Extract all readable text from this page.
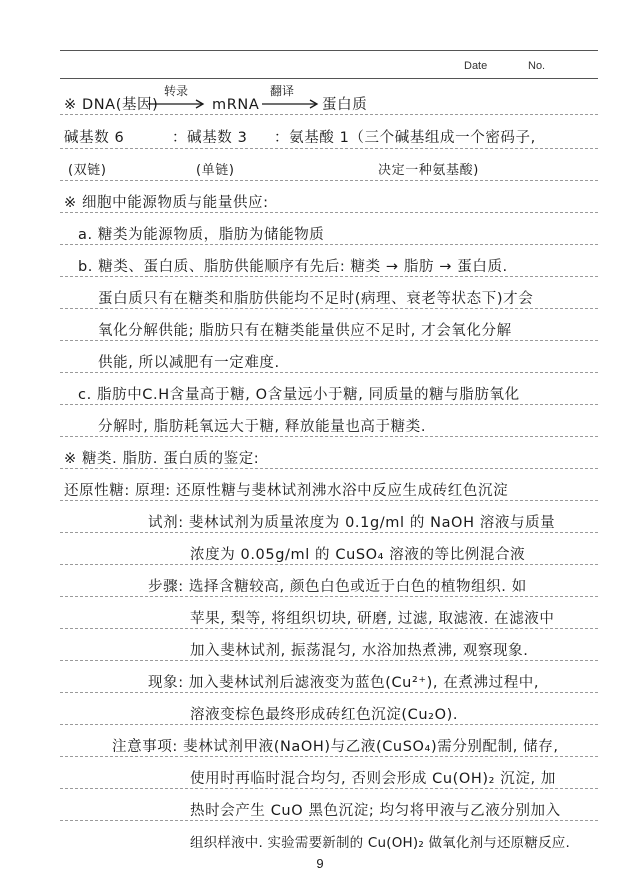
Date	No.
※ DNA(基因)
转录
mRNA
翻译
蛋白质
碱基数 6	：碱基数 3 ：氨基酸 1（三个碱基组成一个密码子,
(双链)	(单链)	决定一种氨基酸)
※ 细胞中能源物质与能量供应:
a. 糖类为能源物质，脂肪为储能物质
b. 糖类、蛋白质、脂肪供能顺序有先后: 糖类 → 脂肪 → 蛋白质.
蛋白质只有在糖类和脂肪供能均不足时(病理、衰老等状态下)才会
氧化分解供能; 脂肪只有在糖类能量供应不足时, 才会氧化分解
供能, 所以减肥有一定难度.
c. 脂肪中C.H含量高于糖, O含量远小于糖, 同质量的糖与脂肪氧化
分解时, 脂肪耗氧远大于糖, 释放能量也高于糖类.
※ 糖类. 脂肪. 蛋白质的鉴定:
还原性糖: 原理: 还原性糖与斐林试剂沸水浴中反应生成砖红色沉淀
试剂: 斐林试剂为质量浓度为 0.1g/ml 的 NaOH 溶液与质量
浓度为 0.05g/ml 的 CuSO₄ 溶液的等比例混合液
步骤: 选择含糖较高, 颜色白色或近于白色的植物组织. 如
苹果, 梨等, 将组织切块, 研磨, 过滤, 取滤液. 在滤液中
加入斐林试剂, 振荡混匀, 水浴加热煮沸, 观察现象.
现象: 加入斐林试剂后滤液变为蓝色(Cu²⁺), 在煮沸过程中,
溶液变棕色最终形成砖红色沉淀(Cu₂O).
注意事项: 斐林试剂甲液(NaOH)与乙液(CuSO₄)需分别配制, 储存,
使用时再临时混合均匀, 否则会形成 Cu(OH)₂ 沉淀, 加
热时会产生 CuO 黑色沉淀; 均匀将甲液与乙液分别加入
组织样液中. 实验需要新制的 Cu(OH)₂ 做氧化剂与还原糖反应.
9
